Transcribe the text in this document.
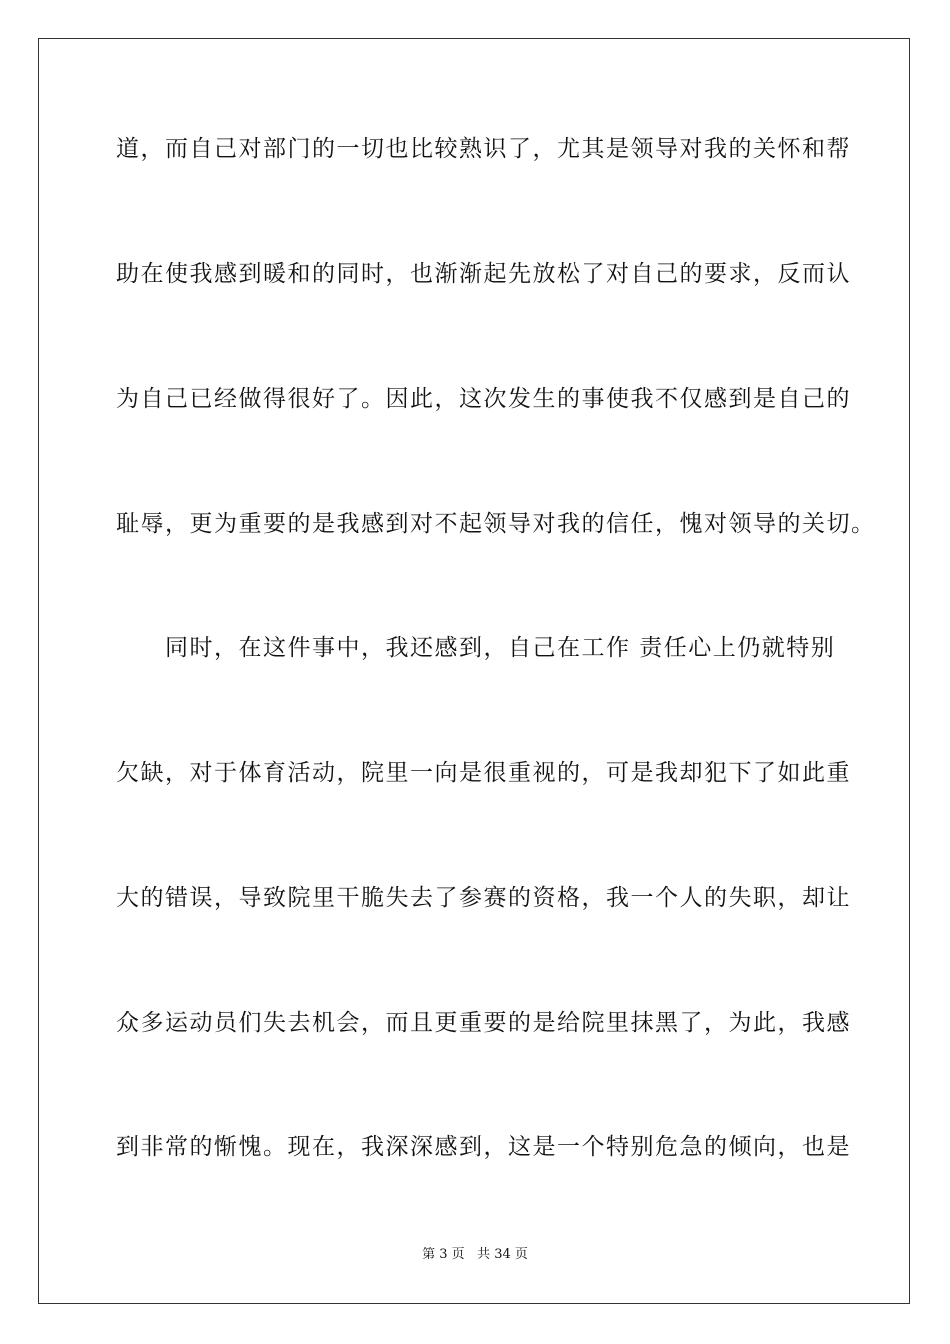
道，而自己对部门的一切也比较熟识了，尤其是领导对我的关怀和帮
助在使我感到暖和的同时，也渐渐起先放松了对自己的要求，反而认
为自己已经做得很好了。因此，这次发生的事使我不仅感到是自己的
耻辱，更为重要的是我感到对不起领导对我的信任，愧对领导的关切。
　　同时，在这件事中，我还感到，自己在工作 责任心上仍就特别
欠缺，对于体育活动，院里一向是很重视的，可是我却犯下了如此重
大的错误，导致院里干脆失去了参赛的资格，我一个人的失职，却让
众多运动员们失去机会，而且更重要的是给院里抹黑了，为此，我感
到非常的惭愧。现在，我深深感到，这是一个特别危急的倾向，也是
第 3 页   共 34 页
